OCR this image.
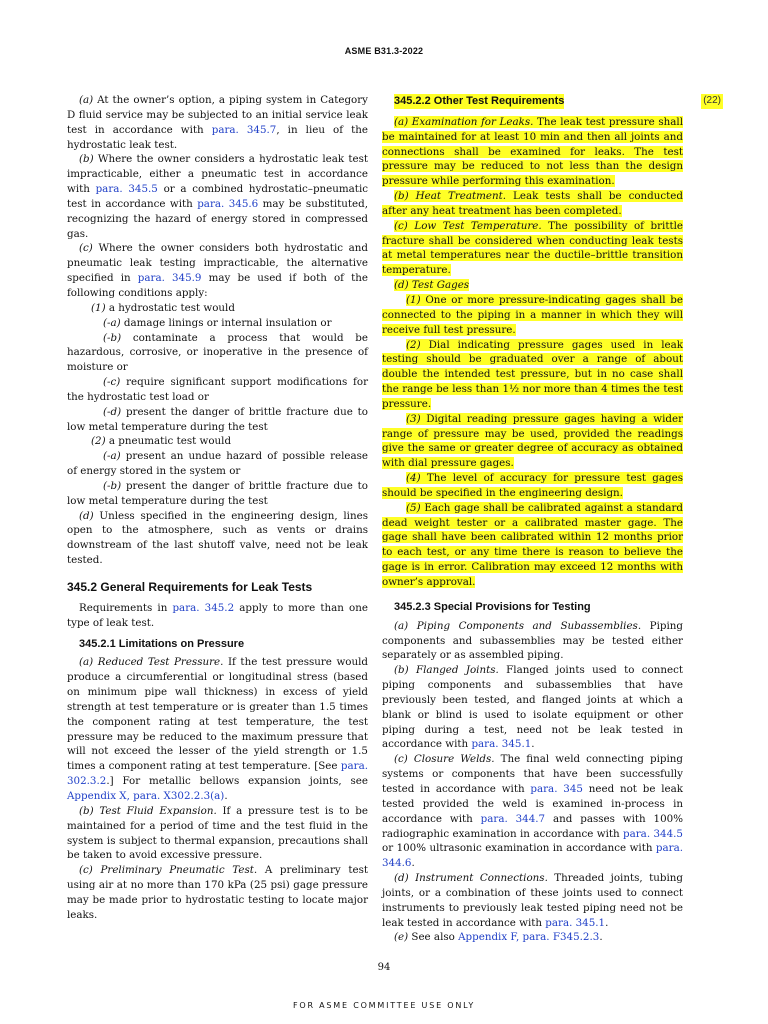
ASME B31.3-2022

(a) At the owner’s option, a piping system in Category D fluid service may be subjected to an initial service leak test in accordance with para. 345.7, in lieu of the hydrostatic leak test.

(b) Where the owner considers a hydrostatic leak test impracticable, either a pneumatic test in accordance with para. 345.5 or a combined hydrostatic–pneumatic test in accordance with para. 345.6 may be substituted, recognizing the hazard of energy stored in compressed gas.

(c) Where the owner considers both hydrostatic and pneumatic leak testing impracticable, the alternative specified in para. 345.9 may be used if both of the following conditions apply:

(1) a hydrostatic test would

(-a) damage linings or internal insulation or

(-b) contaminate a process that would be hazardous, corrosive, or inoperative in the presence of moisture or

(-c) require significant support modifications for the hydrostatic test load or

(-d) present the danger of brittle fracture due to low metal temperature during the test

(2) a pneumatic test would

(-a) present an undue hazard of possible release of energy stored in the system or

(-b) present the danger of brittle fracture due to low metal temperature during the test

(d) Unless specified in the engineering design, lines open to the atmosphere, such as vents or drains downstream of the last shutoff valve, need not be leak tested.

345.2 General Requirements for Leak Tests

Requirements in para. 345.2 apply to more than one type of leak test.

345.2.1 Limitations on Pressure

(a) Reduced Test Pressure. If the test pressure would produce a circumferential or longitudinal stress (based on minimum pipe wall thickness) in excess of yield strength at test temperature or is greater than 1.5 times the component rating at test temperature, the test pressure may be reduced to the maximum pressure that will not exceed the lesser of the yield strength or 1.5 times a component rating at test temperature. [See para. 302.3.2.] For metallic bellows expansion joints, see Appendix X, para. X302.2.3(a).

(b) Test Fluid Expansion. If a pressure test is to be maintained for a period of time and the test fluid in the system is subject to thermal expansion, precautions shall be taken to avoid excessive pressure.

(c) Preliminary Pneumatic Test. A preliminary test using air at no more than 170 kPa (25 psi) gage pressure may be made prior to hydrostatic testing to locate major leaks.

345.2.2 Other Test Requirements	(22)

(a) Examination for Leaks. The leak test pressure shall be maintained for at least 10 min and then all joints and connections shall be examined for leaks. The test pressure may be reduced to not less than the design pressure while performing this examination.

(b) Heat Treatment. Leak tests shall be conducted after any heat treatment has been completed.

(c) Low Test Temperature. The possibility of brittle fracture shall be considered when conducting leak tests at metal temperatures near the ductile–brittle transition temperature.

(d) Test Gages

(1) One or more pressure-indicating gages shall be connected to the piping in a manner in which they will receive full test pressure.

(2) Dial indicating pressure gages used in leak testing should be graduated over a range of about double the intended test pressure, but in no case shall the range be less than 1½ nor more than 4 times the test pressure.

(3) Digital reading pressure gages having a wider range of pressure may be used, provided the readings give the same or greater degree of accuracy as obtained with dial pressure gages.

(4) The level of accuracy for pressure test gages should be specified in the engineering design.

(5) Each gage shall be calibrated against a standard dead weight tester or a calibrated master gage. The gage shall have been calibrated within 12 months prior to each test, or any time there is reason to believe the gage is in error. Calibration may exceed 12 months with owner’s approval.

345.2.3 Special Provisions for Testing

(a) Piping Components and Subassemblies. Piping components and subassemblies may be tested either separately or as assembled piping.

(b) Flanged Joints. Flanged joints used to connect piping components and subassemblies that have previously been tested, and flanged joints at which a blank or blind is used to isolate equipment or other piping during a test, need not be leak tested in accordance with para. 345.1.

(c) Closure Welds. The final weld connecting piping systems or components that have been successfully tested in accordance with para. 345 need not be leak tested provided the weld is examined in-process in accordance with para. 344.7 and passes with 100% radiographic examination in accordance with para. 344.5 or 100% ultrasonic examination in accordance with para. 344.6.

(d) Instrument Connections. Threaded joints, tubing joints, or a combination of these joints used to connect instruments to previously leak tested piping need not be leak tested in accordance with para. 345.1.

(e) See also Appendix F, para. F345.2.3.

94
FOR ASME COMMITTEE USE ONLY
